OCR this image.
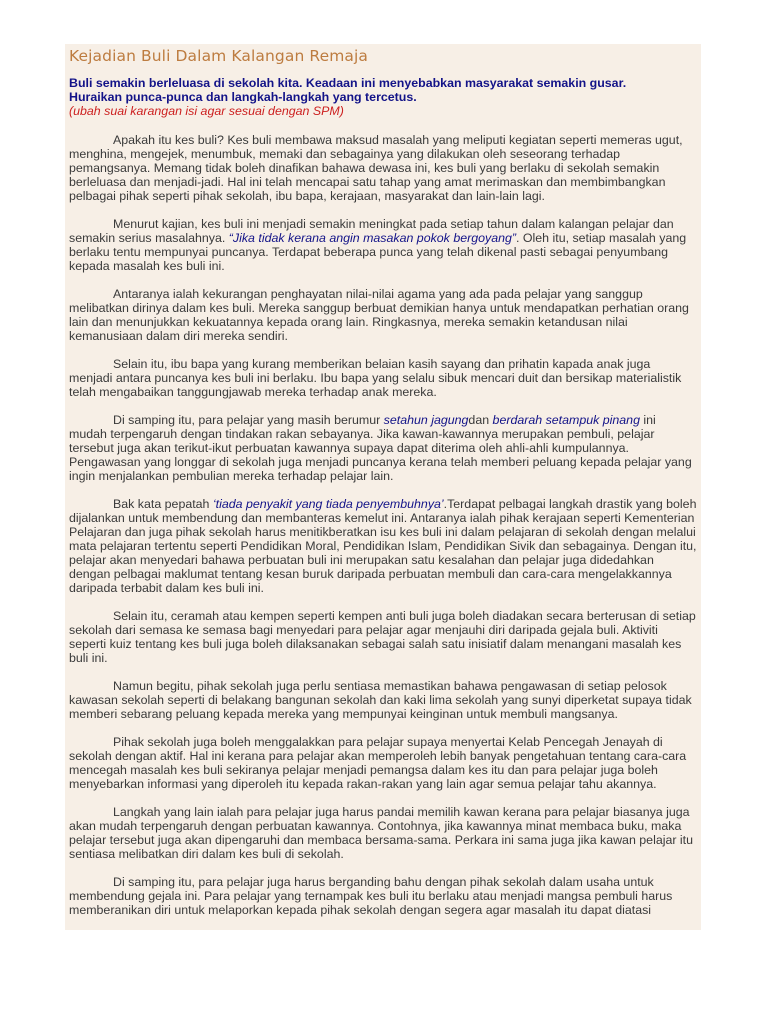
Kejadian Buli Dalam Kalangan Remaja
Buli semakin berleluasa di sekolah kita. Keadaan ini menyebabkan masyarakat semakin gusar.
Huraikan punca-punca dan langkah-langkah yang tercetus.
(ubah suai karangan isi agar sesuai dengan SPM)

Apakah itu kes buli? Kes buli membawa maksud masalah yang meliputi kegiatan seperti memeras ugut, menghina, mengejek, menumbuk, memaki dan sebagainya yang dilakukan oleh seseorang terhadap pemangsanya. Memang tidak boleh dinafikan bahawa dewasa ini, kes buli yang berlaku di sekolah semakin berleluasa dan menjadi-jadi. Hal ini telah mencapai satu tahap yang amat merimaskan dan membimbangkan pelbagai pihak seperti pihak sekolah, ibu bapa, kerajaan, masyarakat dan lain-lain lagi.

Menurut kajian, kes buli ini menjadi semakin meningkat pada setiap tahun dalam kalangan pelajar dan semakin serius masalahnya. “Jika tidak kerana angin masakan pokok bergoyang”. Oleh itu, setiap masalah yang berlaku tentu mempunyai puncanya. Terdapat beberapa punca yang telah dikenal pasti sebagai penyumbang kepada masalah kes buli ini.

Antaranya ialah kekurangan penghayatan nilai-nilai agama yang ada pada pelajar yang sanggup melibatkan dirinya dalam kes buli. Mereka sanggup berbuat demikian hanya untuk mendapatkan perhatian orang lain dan menunjukkan kekuatannya kepada orang lain. Ringkasnya, mereka semakin ketandusan nilai kemanusiaan dalam diri mereka sendiri.

Selain itu, ibu bapa yang kurang memberikan belaian kasih sayang dan prihatin kapada anak juga menjadi antara puncanya kes buli ini berlaku. Ibu bapa yang selalu sibuk mencari duit dan bersikap materialistik telah mengabaikan tanggungjawab mereka terhadap anak mereka.

Di samping itu, para pelajar yang masih berumur setahun jagungdan berdarah setampuk pinang ini mudah terpengaruh dengan tindakan rakan sebayanya. Jika kawan-kawannya merupakan pembuli, pelajar tersebut juga akan terikut-ikut perbuatan kawannya supaya dapat diterima oleh ahli-ahli kumpulannya. Pengawasan yang longgar di sekolah juga menjadi puncanya kerana telah memberi peluang kepada pelajar yang ingin menjalankan pembulian mereka terhadap pelajar lain.

Bak kata pepatah ‘tiada penyakit yang tiada penyembuhnya’.Terdapat pelbagai langkah drastik yang boleh dijalankan untuk membendung dan membanteras kemelut ini. Antaranya ialah pihak kerajaan seperti Kementerian Pelajaran dan juga pihak sekolah harus menitikberatkan isu kes buli ini dalam pelajaran di sekolah dengan melalui mata pelajaran tertentu seperti Pendidikan Moral, Pendidikan Islam, Pendidikan Sivik dan sebagainya. Dengan itu, pelajar akan menyedari bahawa perbuatan buli ini merupakan satu kesalahan dan pelajar juga didedahkan dengan pelbagai maklumat tentang kesan buruk daripada perbuatan membuli dan cara-cara mengelakkannya daripada terbabit dalam kes buli ini.

Selain itu, ceramah atau kempen seperti kempen anti buli juga boleh diadakan secara berterusan di setiap sekolah dari semasa ke semasa bagi menyedari para pelajar agar menjauhi diri daripada gejala buli. Aktiviti seperti kuiz tentang kes buli juga boleh dilaksanakan sebagai salah satu inisiatif dalam menangani masalah kes buli ini.

Namun begitu, pihak sekolah juga perlu sentiasa memastikan bahawa pengawasan di setiap pelosok kawasan sekolah seperti di belakang bangunan sekolah dan kaki lima sekolah yang sunyi diperketat supaya tidak memberi sebarang peluang kepada mereka yang mempunyai keinginan untuk membuli mangsanya.

Pihak sekolah juga boleh menggalakkan para pelajar supaya menyertai Kelab Pencegah Jenayah di sekolah dengan aktif. Hal ini kerana para pelajar akan memperoleh lebih banyak pengetahuan tentang cara-cara mencegah masalah kes buli sekiranya pelajar menjadi pemangsa dalam kes itu dan para pelajar juga boleh menyebarkan informasi yang diperoleh itu kepada rakan-rakan yang lain agar semua pelajar tahu akannya.

Langkah yang lain ialah para pelajar juga harus pandai memilih kawan kerana para pelajar biasanya juga akan mudah terpengaruh dengan perbuatan kawannya. Contohnya, jika kawannya minat membaca buku, maka pelajar tersebut juga akan dipengaruhi dan membaca bersama-sama. Perkara ini sama juga jika kawan pelajar itu sentiasa melibatkan diri dalam kes buli di sekolah.

Di samping itu, para pelajar juga harus berganding bahu dengan pihak sekolah dalam usaha untuk membendung gejala ini. Para pelajar yang ternampak kes buli itu berlaku atau menjadi mangsa pembuli harus memberanikan diri untuk melaporkan kepada pihak sekolah dengan segera agar masalah itu dapat diatasi
